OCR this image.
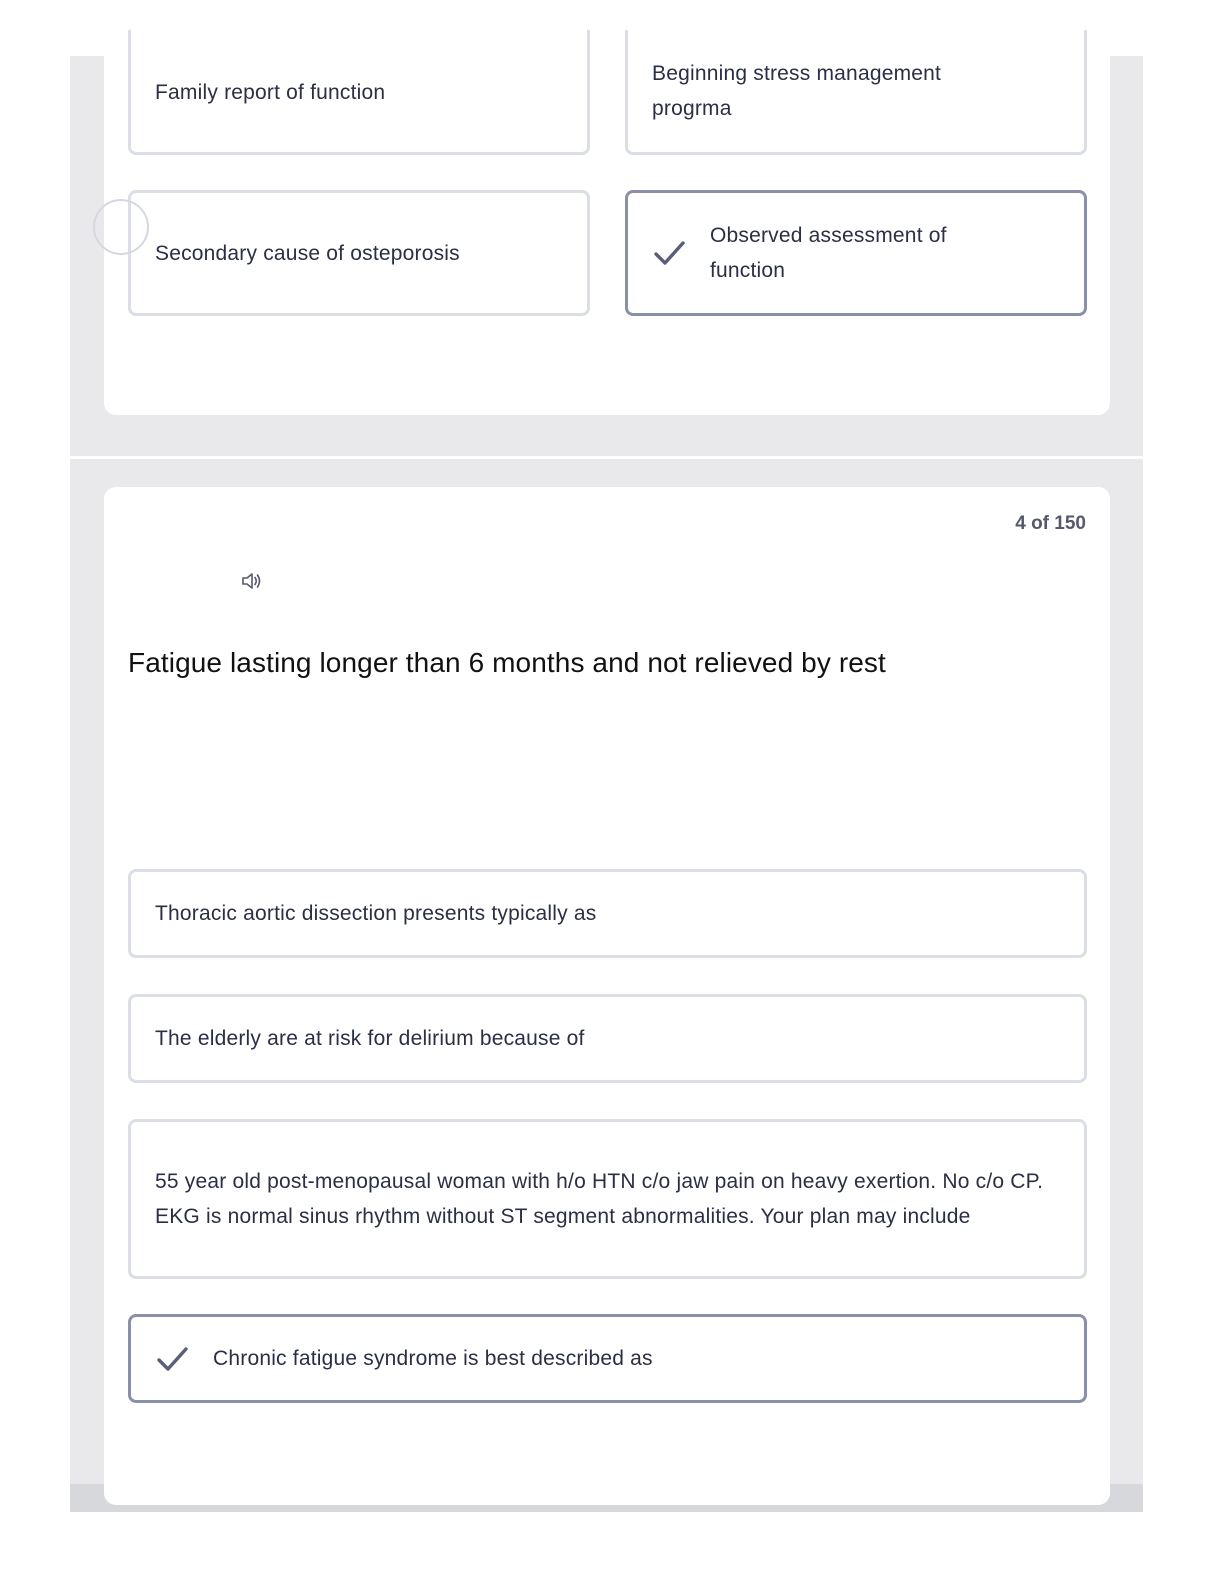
Family report of function
Beginning stress management progrma
Secondary cause of osteporosis
Observed assessment of function
4 of 150
Fatigue lasting longer than 6 months and not relieved by rest
Thoracic aortic dissection presents typically as
The elderly are at risk for delirium because of
55 year old post-menopausal woman with h/o HTN c/o jaw pain on heavy exertion. No c/o CP. EKG is normal sinus rhythm without ST segment abnormalities. Your plan may include
Chronic fatigue syndrome is best described as
